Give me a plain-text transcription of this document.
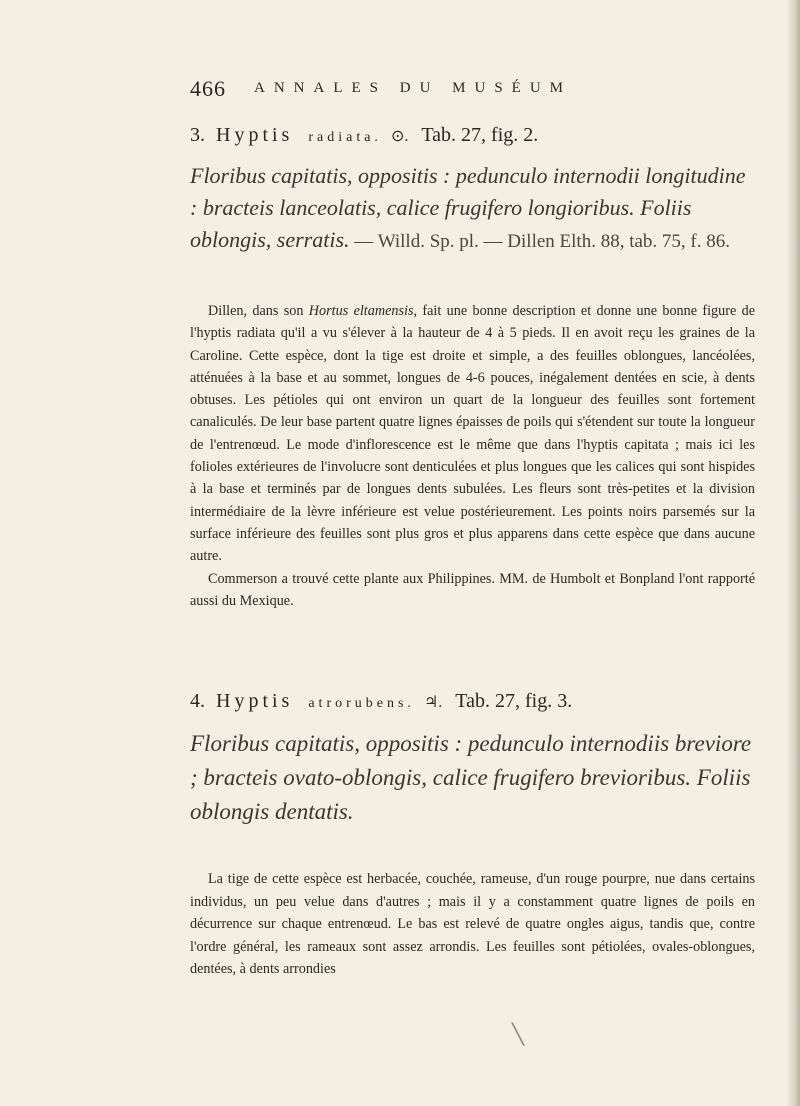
466 ANNALES DU MUSÉUM
3. Hyptis radiata. ⊙. Tab. 27, fig. 2.
Floribus capitatis, oppositis : pedunculo internodii longitudine : bracteis lanceolatis, calice frugifero longioribus. Foliis oblongis, serratis. — Willd. Sp. pl. — Dillen Elth. 88, tab. 75, f. 86.

Dillen, dans son Hortus eltamensis, fait une bonne description et donne une bonne figure de l'hyptis radiata qu'il a vu s'élever à la hauteur de 4 à 5 pieds. Il en avoit reçu les graines de la Caroline. Cette espèce, dont la tige est droite et simple, a des feuilles oblongues, lancéolées, atténuées à la base et au sommet, longues de 4-6 pouces, inégalement dentées en scie, à dents obtuses. Les pétioles qui ont environ un quart de la longueur des feuilles sont fortement canaliculés. De leur base partent quatre lignes épaisses de poils qui s'étendent sur toute la longueur de l'entrenœud. Le mode d'inflorescence est le même que dans l'hyptis capitata ; mais ici les folioles extérieures de l'involucre sont denticulées et plus longues que les calices qui sont hispides à la base et terminés par de longues dents subulées. Les fleurs sont très-petites et la division intermédiaire de la lèvre inférieure est velue postérieurement. Les points noirs parsemés sur la surface inférieure des feuilles sont plus gros et plus apparens dans cette espèce que dans aucune autre.

Commerson a trouvé cette plante aux Philippines. MM. de Humbolt et Bonpland l'ont rapporté aussi du Mexique.

4. Hyptis atrorubens. ♃. Tab. 27, fig. 3.
Floribus capitatis, oppositis : pedunculo internodiis breviore ; bracteis ovato-oblongis, calice frugifero brevioribus. Foliis oblongis dentatis.

La tige de cette espèce est herbacée, couchée, rameuse, d'un rouge pourpre, nue dans certains individus, un peu velue dans d'autres ; mais il y a constamment quatre lignes de poils en décurrence sur chaque entrenœud. Le bas est relevé de quatre ongles aigus, tandis que, contre l'ordre général, les rameaux sont assez arrondis. Les feuilles sont pétiolées, ovales-oblongues, dentées, à dents arrondies

╲
